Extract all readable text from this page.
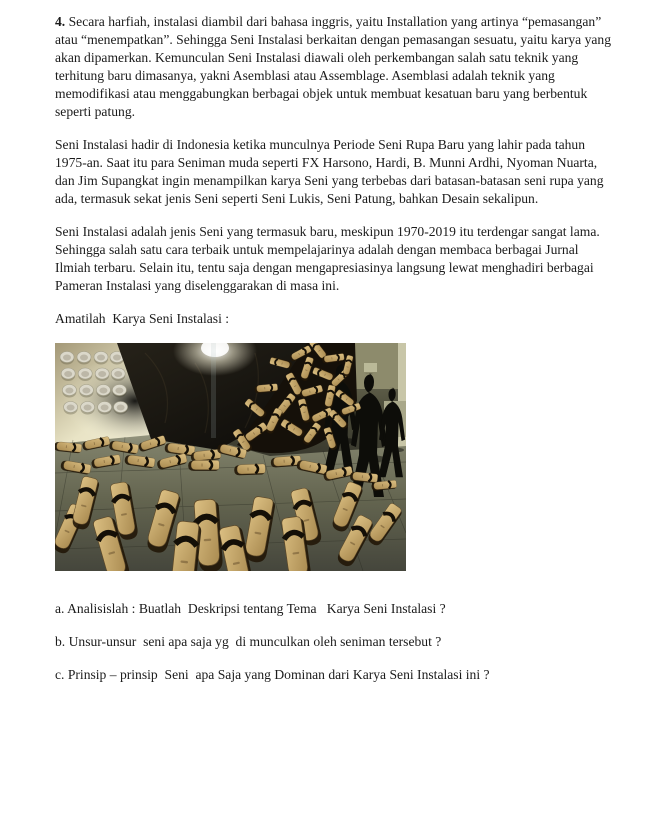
4. Secara harfiah, instalasi diambil dari bahasa inggris, yaitu Installation yang artinya “pemasangan” atau “menempatkan”. Sehingga Seni Instalasi berkaitan dengan pemasangan sesuatu, yaitu karya yang akan dipamerkan. Kemunculan Seni Instalasi diawali oleh perkembangan salah satu teknik yang terhitung baru dimasanya, yakni Asemblasi atau Assemblage. Asemblasi adalah teknik yang memodifikasi atau menggabungkan berbagai objek untuk membuat kesatuan baru yang berbentuk seperti patung.

Seni Instalasi hadir di Indonesia ketika munculnya Periode Seni Rupa Baru yang lahir pada tahun 1975-an. Saat itu para Seniman muda seperti FX Harsono, Hardi, B. Munni Ardhi, Nyoman Nuarta, dan Jim Supangkat ingin menampilkan karya Seni yang terbebas dari batasan-batasan seni rupa yang ada, termasuk sekat jenis Seni seperti Seni Lukis, Seni Patung, bahkan Desain sekalipun.

Seni Instalasi adalah jenis Seni yang termasuk baru, meskipun 1970-2019 itu terdengar sangat lama. Sehingga salah satu cara terbaik untuk mempelajarinya adalah dengan membaca berbagai Jurnal Ilmiah terbaru. Selain itu, tentu saja dengan mengapresiasinya langsung lewat menghadiri berbagai Pameran Instalasi yang diselenggarakan di masa ini.

Amatilah  Karya Seni Instalasi :

a. Analisislah : Buatlah  Deskripsi tentang Tema   Karya Seni Instalasi ?

b. Unsur-unsur  seni apa saja yg  di munculkan oleh seniman tersebut ?

c. Prinsip – prinsip  Seni  apa Saja yang Dominan dari Karya Seni Instalasi ini ?
